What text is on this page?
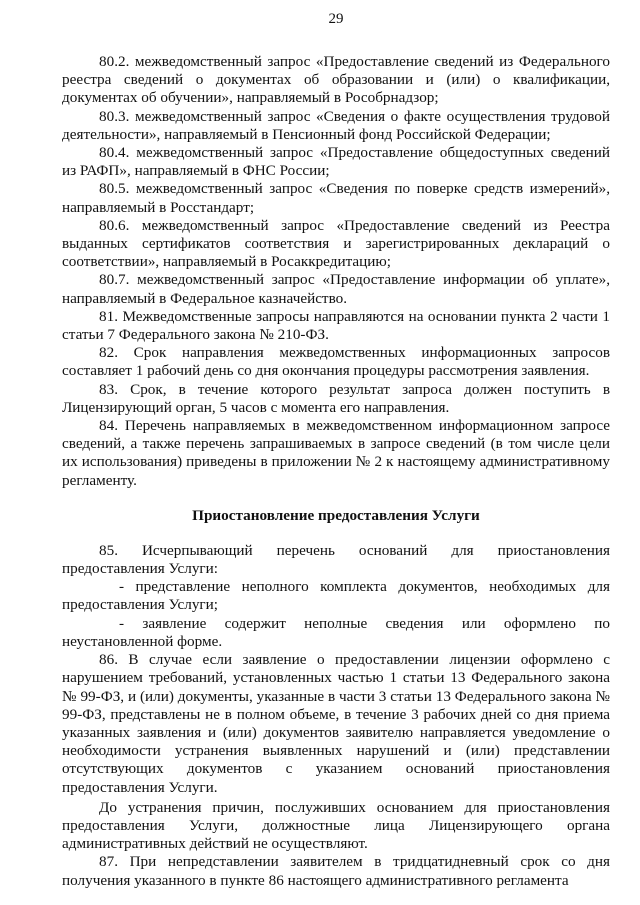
29

80.2. межведомственный запрос «Предоставление сведений из Федерального реестра сведений о документах об образовании и (или) о квалификации, документах об обучении», направляемый в Рособрнадзор;

80.3. межведомственный запрос «Сведения о факте осуществления трудовой деятельности», направляемый в Пенсионный фонд Российской Федерации;

80.4. межведомственный запрос «Предоставление общедоступных сведений из РАФП», направляемый в ФНС России;

80.5. межведомственный запрос «Сведения по поверке средств измерений», направляемый в Росстандарт;

80.6. межведомственный запрос «Предоставление сведений из Реестра выданных сертификатов соответствия и зарегистрированных деклараций о соответствии», направляемый в Росаккредитацию;

80.7. межведомственный запрос «Предоставление информации об уплате», направляемый в Федеральное казначейство.

81. Межведомственные запросы направляются на основании пункта 2 части 1 статьи 7 Федерального закона № 210-ФЗ.

82. Срок направления межведомственных информационных запросов составляет 1 рабочий день со дня окончания процедуры рассмотрения заявления.

83. Срок, в течение которого результат запроса должен поступить в Лицензирующий орган, 5 часов с момента его направления.

84. Перечень направляемых в межведомственном информационном запросе сведений, а также перечень запрашиваемых в запросе сведений (в том числе цели их использования) приведены в приложении № 2 к настоящему административному регламенту.

Приостановление предоставления Услуги

85. Исчерпывающий перечень оснований для приостановления предоставления Услуги:

- представление неполного комплекта документов, необходимых для предоставления Услуги;

- заявление содержит неполные сведения или оформлено по неустановленной форме.

86. В случае если заявление о предоставлении лицензии оформлено с нарушением требований, установленных частью 1 статьи 13 Федерального закона № 99-ФЗ, и (или) документы, указанные в части 3 статьи 13 Федерального закона № 99-ФЗ, представлены не в полном объеме, в течение 3 рабочих дней со дня приема указанных заявления и (или) документов заявителю направляется уведомление о необходимости устранения выявленных нарушений и (или) представлении отсутствующих документов с указанием оснований приостановления предоставления Услуги.

До устранения причин, послуживших основанием для приостановления предоставления Услуги, должностные лица Лицензирующего органа административных действий не осуществляют.

87. При непредставлении заявителем в тридцатидневный срок со дня получения указанного в пункте 86 настоящего административного регламента
